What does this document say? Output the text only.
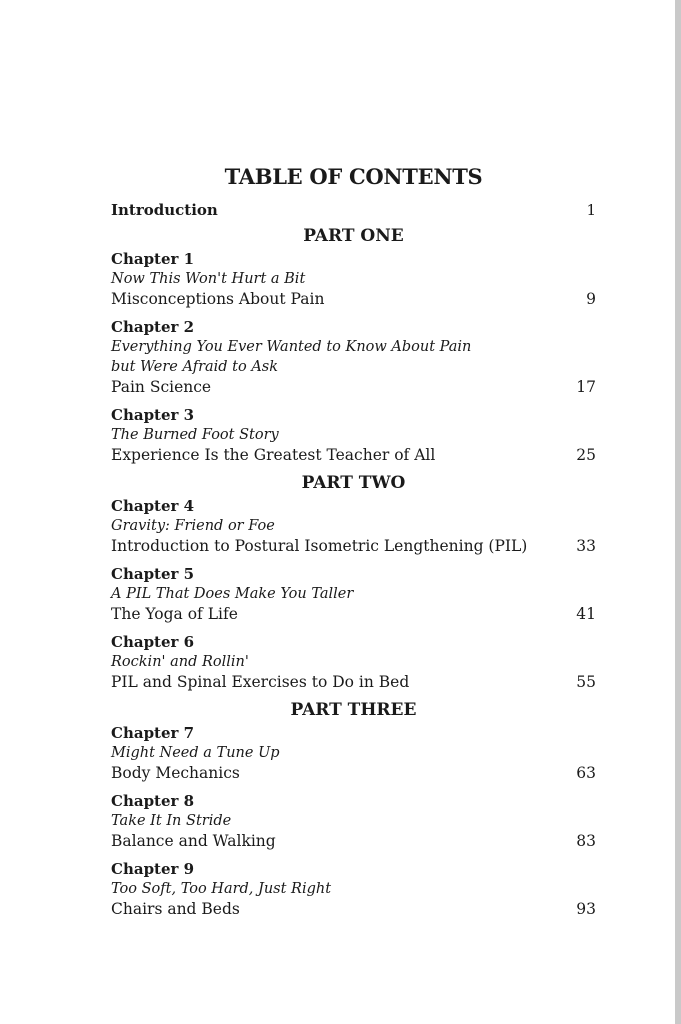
TABLE OF CONTENTS
Introduction	1
PART ONE
Chapter 1
Now This Won't Hurt a Bit
Misconceptions About Pain	9
Chapter 2
Everything You Ever Wanted to Know About Pain
but Were Afraid to Ask
Pain Science	17
Chapter 3
The Burned Foot Story
Experience Is the Greatest Teacher of All	25
PART TWO
Chapter 4
Gravity: Friend or Foe
Introduction to Postural Isometric Lengthening (PIL)	33
Chapter 5
A PIL That Does Make You Taller
The Yoga of Life	41
Chapter 6
Rockin' and Rollin'
PIL and Spinal Exercises to Do in Bed	55
PART THREE
Chapter 7
Might Need a Tune Up
Body Mechanics	63
Chapter 8
Take It In Stride
Balance and Walking	83
Chapter 9
Too Soft, Too Hard, Just Right
Chairs and Beds	93
